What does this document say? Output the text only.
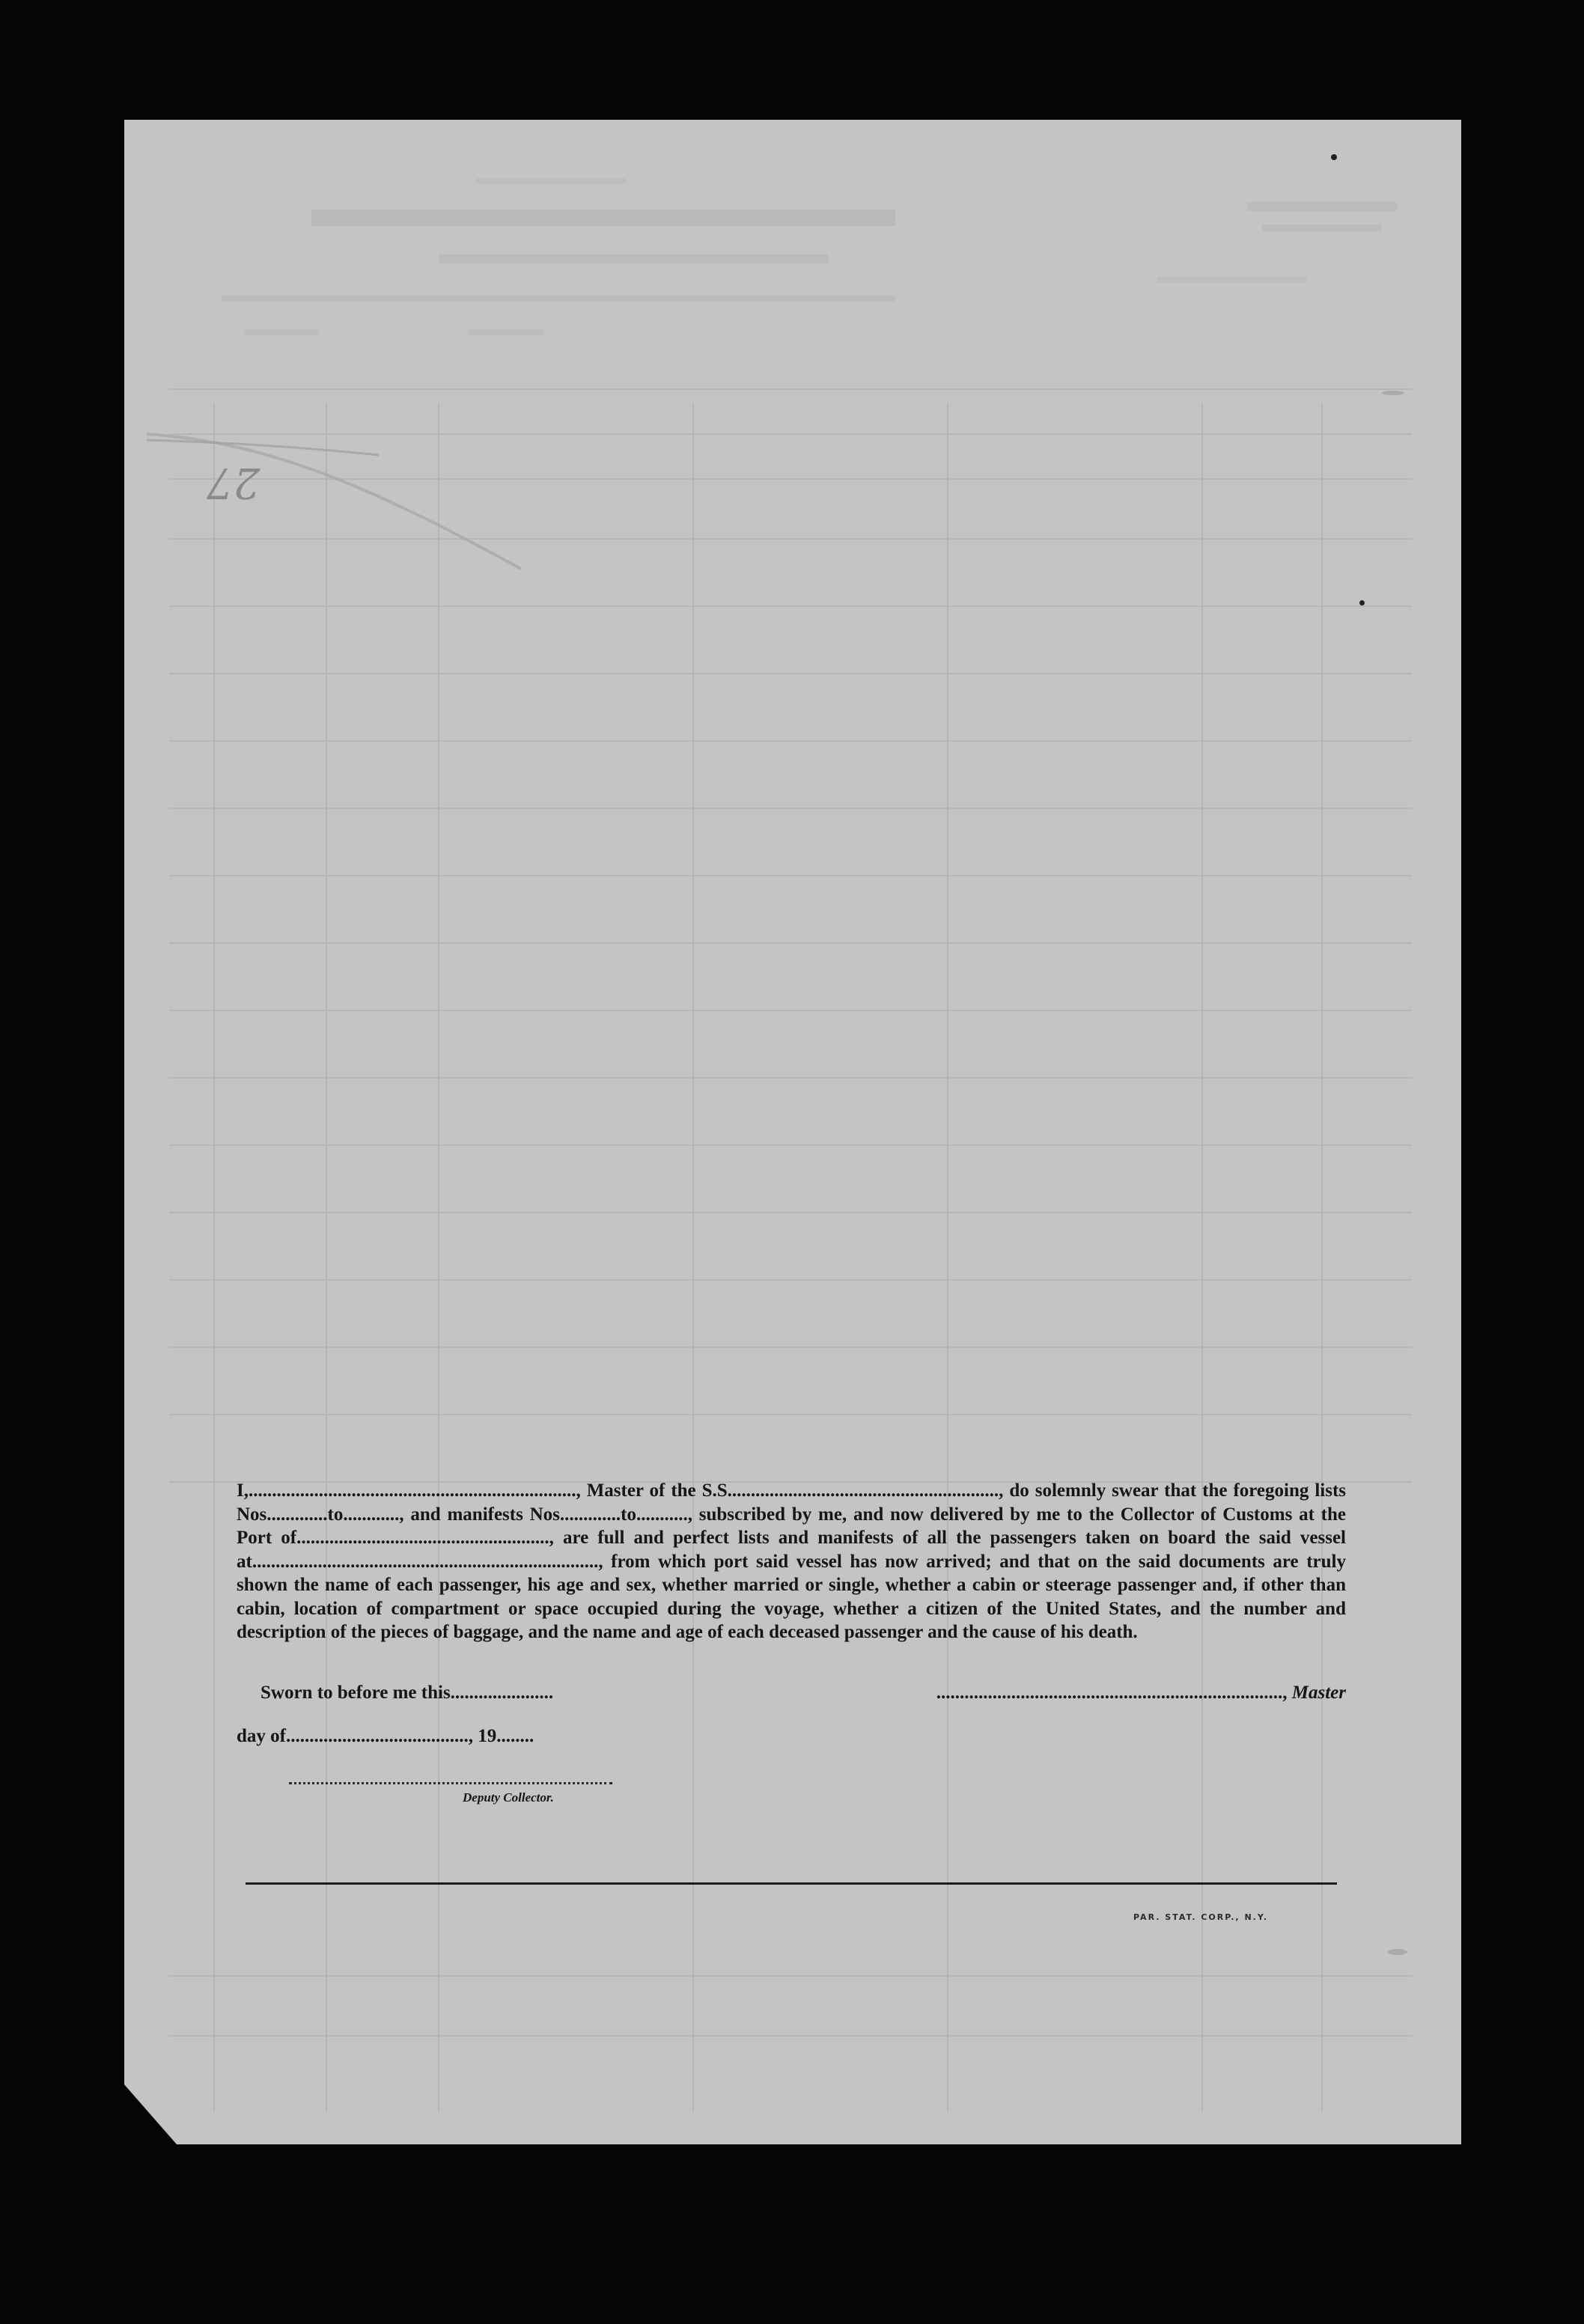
27
I,......................................................................, Master of the S.S.........................................................., do solemnly swear that the foregoing lists Nos.............to............, and manifests Nos.............to..........., subscribed by me, and now delivered by me to the Collector of Customs at the Port of......................................................, are full and perfect lists and manifests of all the passengers taken on board the said vessel at.........................................................................., from which port said vessel has now arrived; and that on the said documents are truly shown the name of each passenger, his age and sex, whether married or single, whether a cabin or steerage passenger and, if other than cabin, location of compartment or space occupied during the voyage, whether a citizen of the United States, and the number and description of the pieces of baggage, and the name and age of each deceased passenger and the cause of his death.
Sworn to before me this......................	.........................................................................., Master
day of......................................., 19........
Deputy Collector.
PAR. STAT. CORP., N.Y.
